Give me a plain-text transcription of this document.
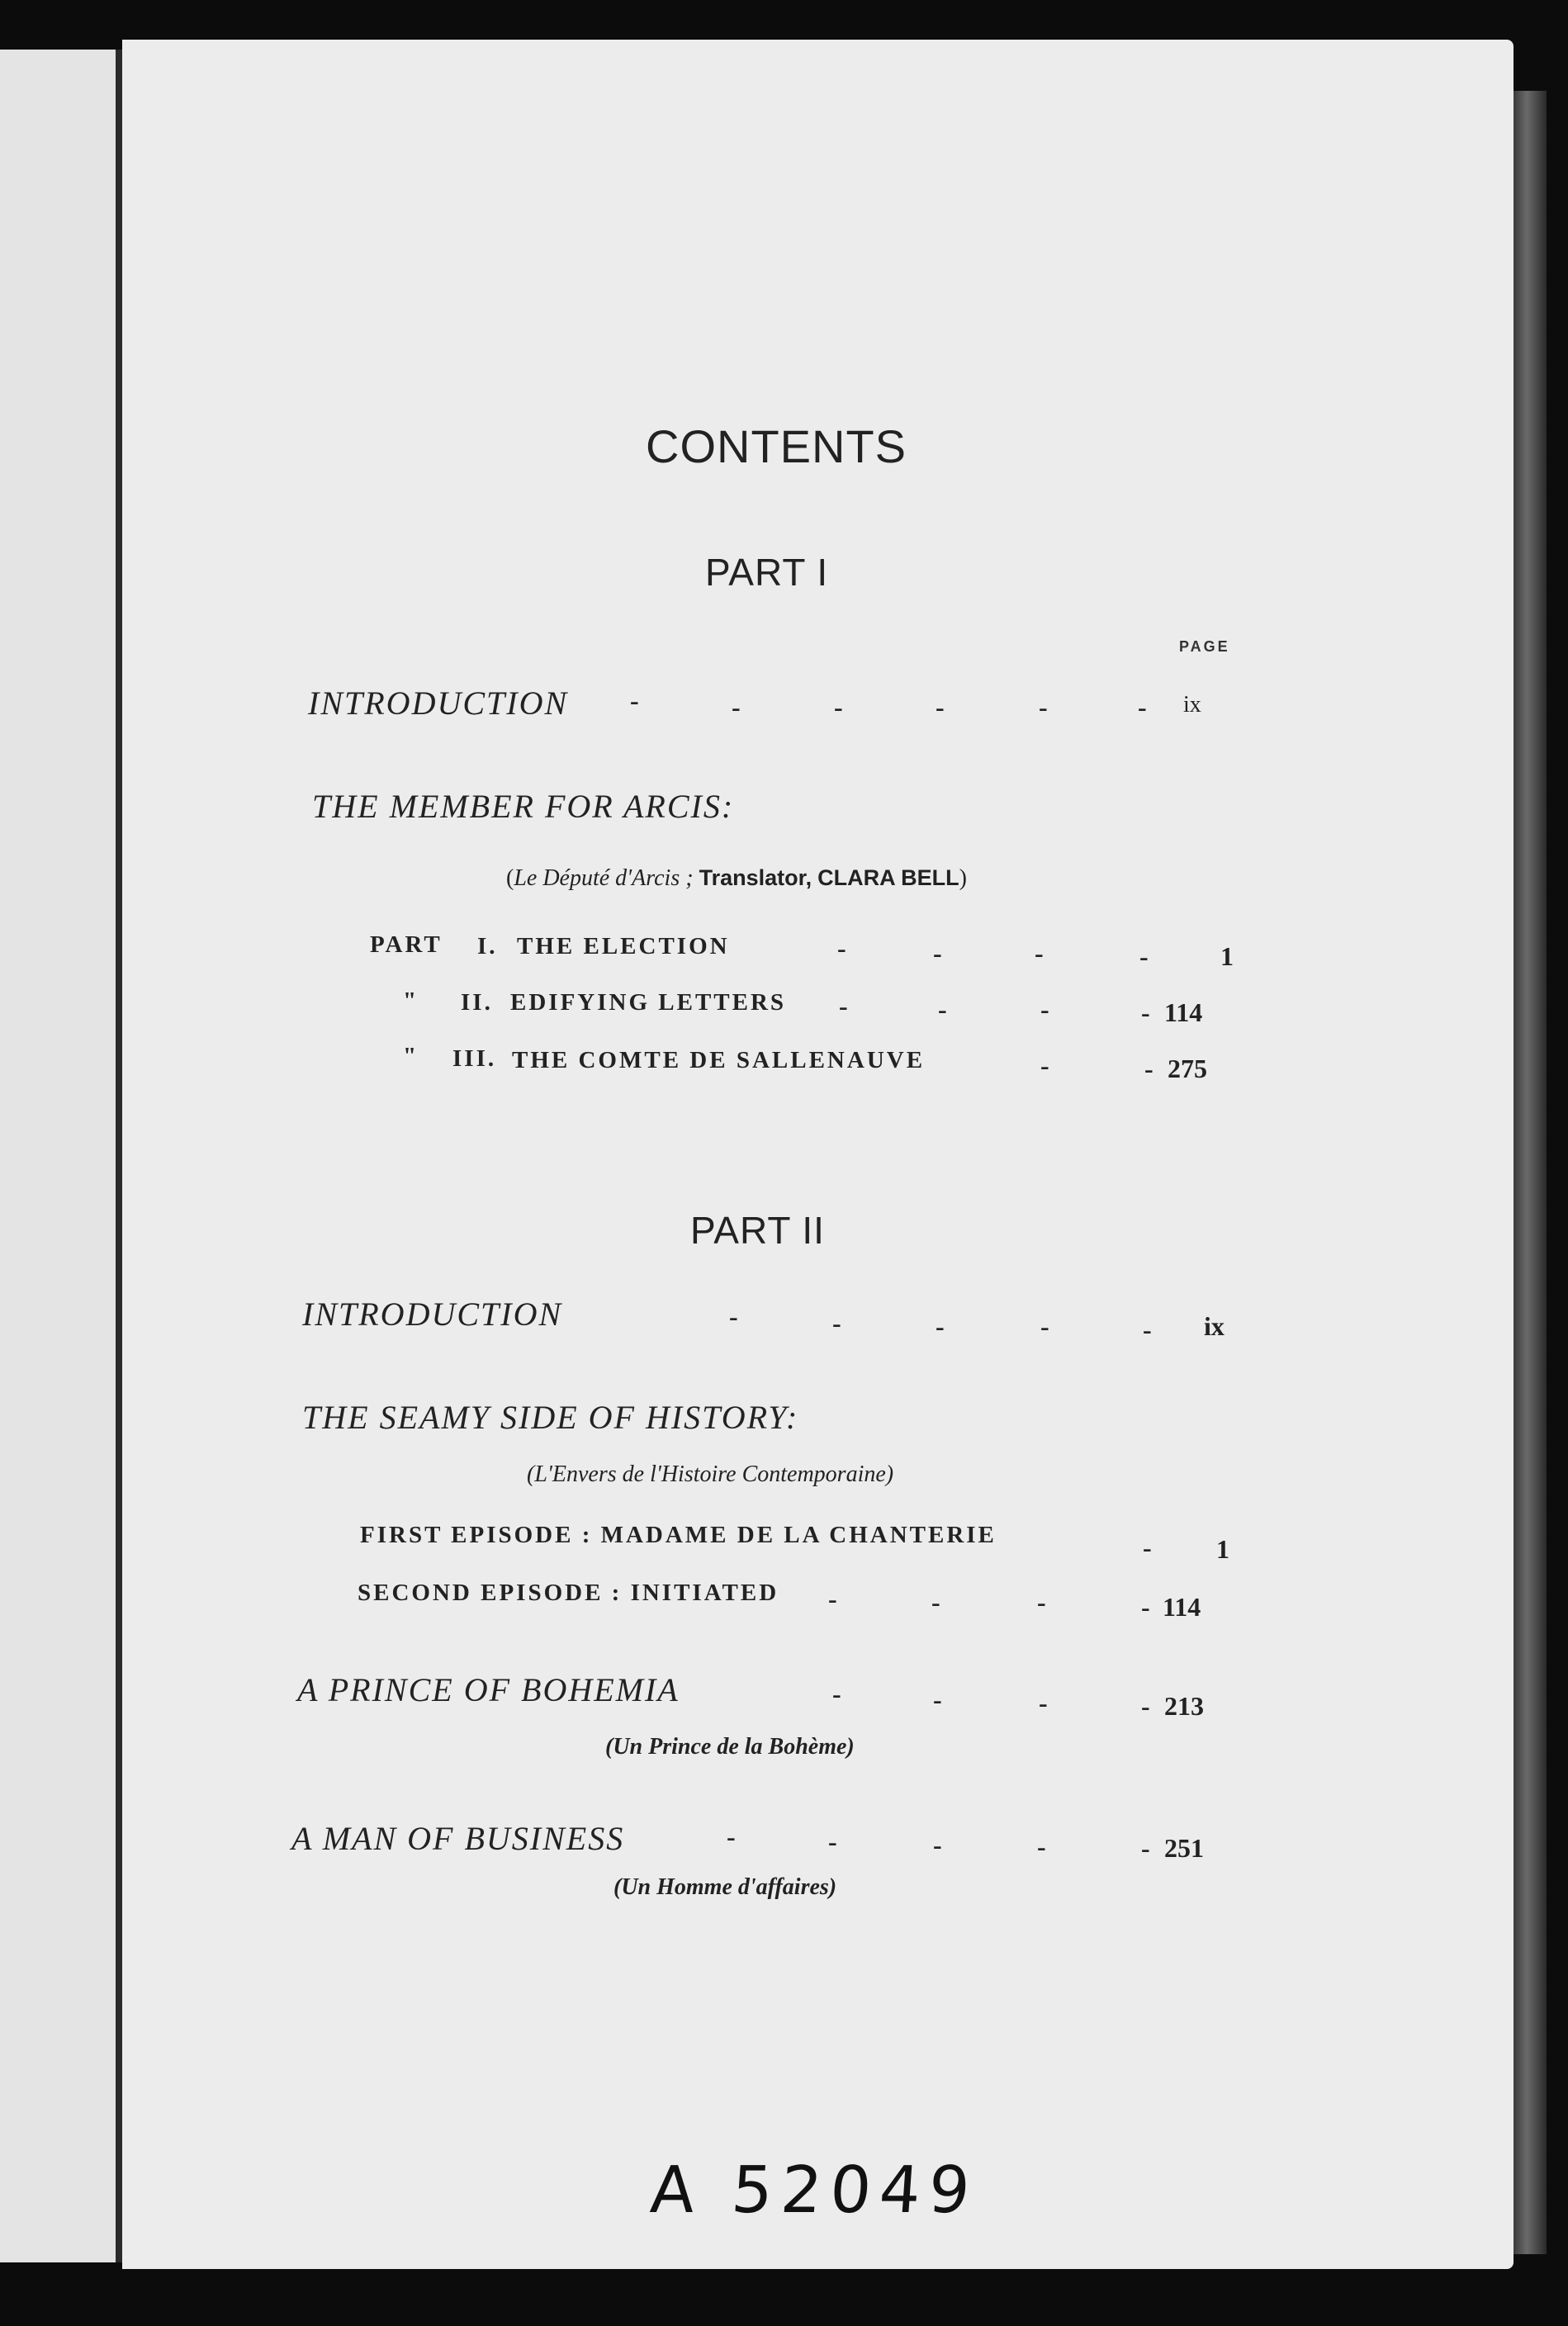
CONTENTS
PART I
PAGE
INTRODUCTION -	-	-	-	-	- ix
THE MEMBER FOR ARCIS:
(Le Député d'Arcis ; Translator, CLARA BELL)
PART I. THE ELECTION	-	-	-	-	1
" II. EDIFYING LETTERS -	-	-	- 114
" III. THE COMTE DE SALLENAUVE	-	- 275
PART II
INTRODUCTION	-	-	-	-	- ix
THE SEAMY SIDE OF HISTORY:
(L'Envers de l'Histoire Contemporaine)
FIRST EPISODE : MADAME DE LA CHANTERIE	- 1
SECOND EPISODE : INITIATED -	-	-	- 114
A PRINCE OF BOHEMIA	-	-	-	- 213
(Un Prince de la Bohème)
A MAN OF BUSINESS	-	-	-	-	- 251
(Un Homme d'affaires)
A 52049
